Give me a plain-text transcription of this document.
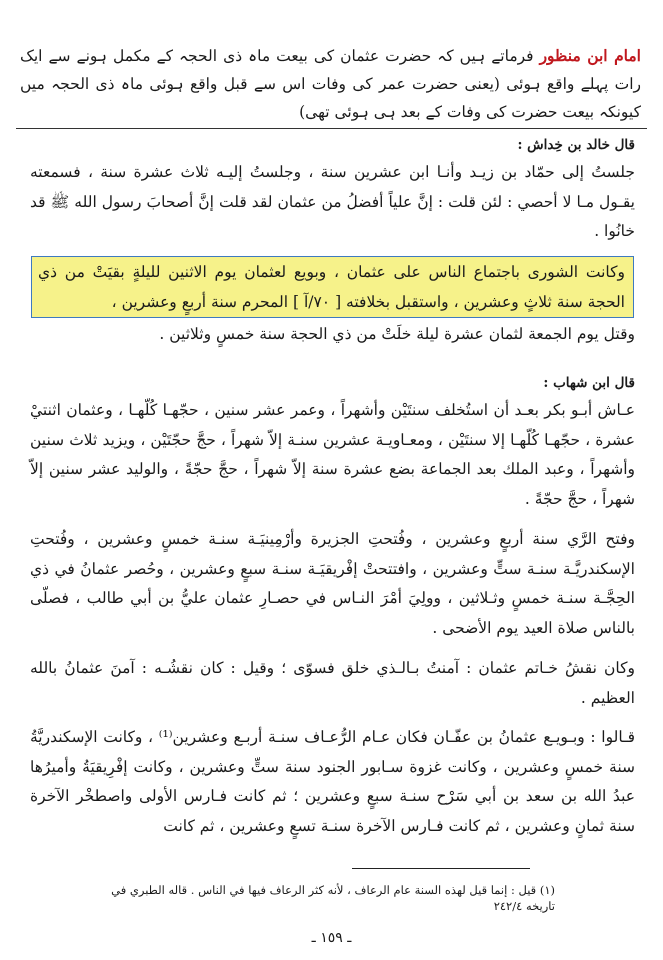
امام ابن منظور فرماتے ہیں کہ حضرت عثمان کی بیعت ماہ ذی الحجہ کے مکمل ہونے سے ایک رات پہلے واقع ہوئی (یعنی حضرت عمر کی وفات اس سے قبل واقع ہوئی ماہ ذی الحجہ میں کیونکہ بیعت حضرت کی وفات کے بعد ہی ہوئی تھی)
قال خالد بن خِداش :
جلستُ إلى حمّاد بن زيـد وأنـا ابن عشرين سنة ، وجلستُ إليـه ثلاث عشرة سنة ، فسمعته يقـول مـا لا أحصي : لئن قلت : إنَّ علياً أفضلُ من عثمان لقد قلت إنَّ أصحابَ رسول الله ﷺ قد خانُوا .
وكانت الشورى باجتماع الناس على عثمان ، وبويع لعثمان يوم الاثنين لليلةٍ بقيَتْ من ذي الحجة سنة ثلاثٍ وعشرين ، واستقبل بخلافته [ ٧٠/آ ] المحرم سنة أربعٍ وعشرين ،
وقتل يوم الجمعة لثمان عشرة ليلة خلَتْ من ذي الحجة سنة خمسٍ وثلاثين .
قال ابن شهاب :
عـاش أبـو بكر بعـد أن استُخلف سنتَيْن وأشهراً ، وعمر عشر سنين ، حجّهـا كُلّهـا ، وعثمان اثنتيْ عشرة ، حجّهـا كُلّهـا إلا سنتَيْن ، ومعـاويـة عشرين سنـة إلاّ شهراً ، حجَّ حجّتَيْن ، ويزيد ثلاث سنين وأشهراً ، وعبد الملك بعد الجماعة بضع عشرة سنة إلاّ شهراً ، حجَّ حجّةً ، والوليد عشر سنين إلاّ شهراً ، حجَّ حجّةً .
وفتح الرَّي سنة أربعٍ وعشرين ، وفُتحتِ الجزيرة وأرْمِينيَـة سنـة خمسٍ وعشرين ، وفُتحتِ الإسكندريَّـة سنـة ستٍّ وعشرين ، وافتتحتْ إفْريقيَـة سنـة سبعٍ وعشرين ، وحُصر عثمانُ في ذي الحِجَّـة سنـة خمسٍ وثـلاثين ، وولِيَ أمْرَ النـاس في حصـارِ عثمان عليُّ بن أبي طالب ، فصلّى بالناس صلاة العيد يوم الأضحى .
وكان نقشُ خـاتم عثمان : آمنتُ بـالـذي خلق فسوّى ؛ وقيل : كان نقشُـه : آمنَ عثمانُ بالله العظيم .
قـالوا : وبـويـع عثمانُ بن عفّـان فكان عـام الرُّعـاف سنـة أربـع وعشرين⁽¹⁾ ، وكانت الإسكندريَّةُ سنة خمسٍ وعشرين ، وكانت غزوة سـابور الجنود سنة ستٍّ وعشرين ، وكانت إفْرِيقيَةُ وأميرُها عبدُ الله بن سعد بن أبي سَرْح سنـة سبعٍ وعشرين ؛ ثم كانت فـارس الأولى واصطخْر الآخرة سنة ثمانٍ وعشرين ، ثم كانت فـارس الآخرة سنـة تسعٍ وعشرين ، ثم كانت
(١) قيل : إنما قيل لهذه السنة عام الرعاف ، لأنه كثر الرعاف فيها في الناس . قاله الطبري في تاريخه ٢٤٢/٤
ـ ١٥٩ ـ
